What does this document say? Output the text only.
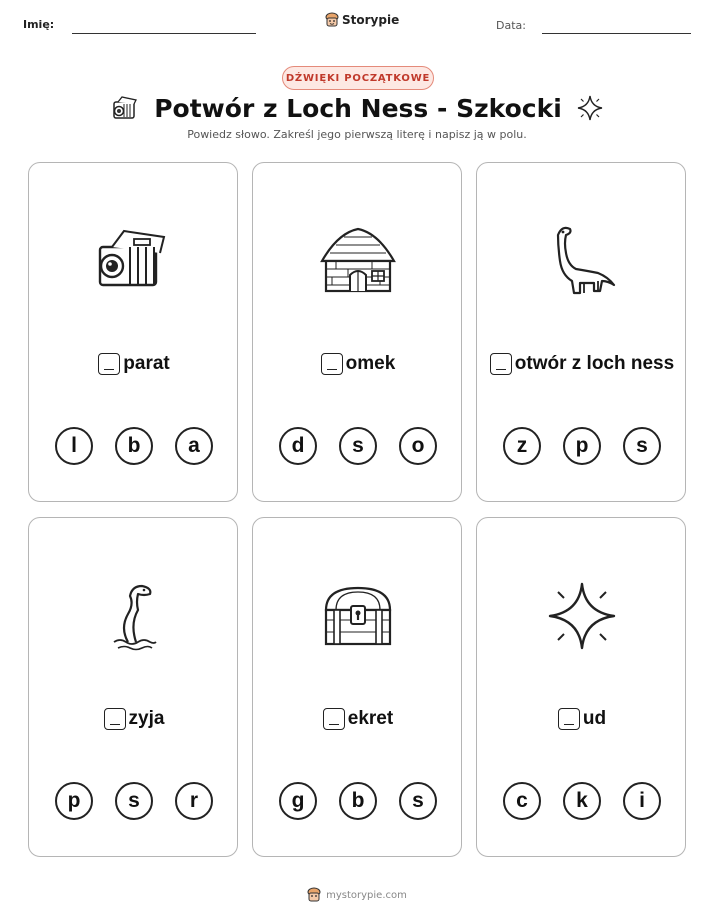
Imię:	Storypie	Data:
DŹWIĘKI POCZĄTKOWE
Potwór z Loch Ness - Szkocki
Powiedz słowo. Zakreśl jego pierwszą literę i napisz ją w polu.
parat
l	b	a
omek
d	s	o
otwór z loch ness
z	p	s
zyja
p	s	r
ekret
g	b	s
ud
c	k	i
mystorypie.com
